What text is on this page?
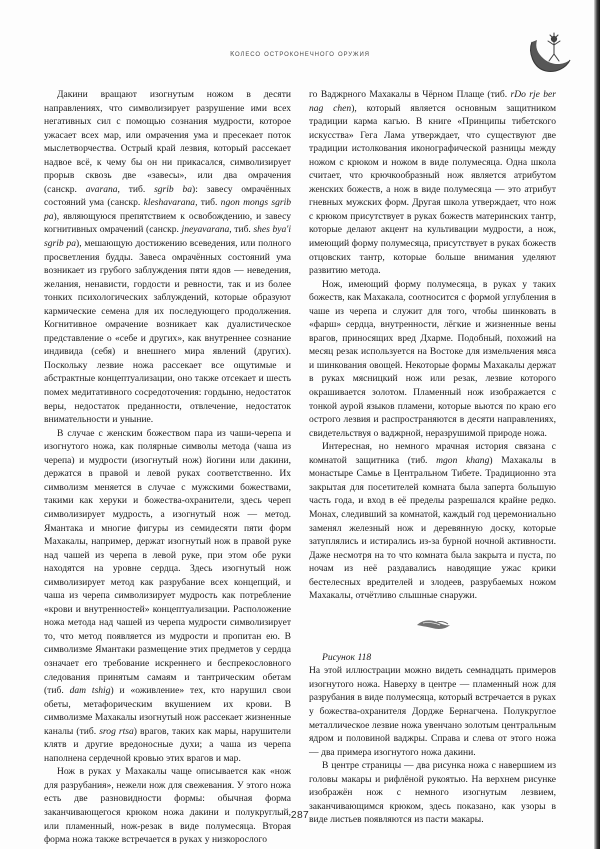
колесо остроконечного оружия

Дакини вращают изогнутым ножом в десяти направлениях, что символизирует разрушение ими всех негативных сил с помощью сознания мудрости, которое ужасает всех мар, или омрачения ума и пресекает поток мыслетворчества. Острый край лезвия, который рассекает надвое всё, к чему бы он ни прикасался, символизирует прорыв сквозь две «завесы», или два омрачения (санскр. avarana, тиб. sgrib ba): завесу омрачённых состояний ума (санскр. kleshavarana, тиб. ngon mongs sgrib pa), являющуюся препятствием к освобождению, и завесу когнитивных омрачений (санскр. jneyavarana, тиб. shes bya'i sgrib pa), мешающую достижению всеведения, или полного просветления будды. Завеса омрачённых состояний ума возникает из грубого заблуждения пяти ядов — неведения, желания, ненависти, гордости и ревности, так и из более тонких психологических заблуждений, которые образуют кармические семена для их последующего продолжения. Когнитивное омрачение возникает как дуалистическое представление о «себе и других», как внутреннее сознание индивида (себя) и внешнего мира явлений (других). Поскольку лезвие ножа рассекает все ощутимые и абстрактные концептуализации, оно также отсекает и шесть помех медитативного сосредоточения: гордыню, недостаток веры, недостаток преданности, отвлечение, недостаток внимательности и уныние.

В случае с женским божеством пара из чаши-черепа и изогнутого ножа, как полярные символы метода (чаша из черепа) и мудрости (изогнутый нож) йогини или дакини, держатся в правой и левой руках соответственно. Их символизм меняется в случае с мужскими божествами, такими как херуки и божества-охранители, здесь череп символизирует мудрость, а изогнутый нож — метод. Ямантака и многие фигуры из семидесяти пяти форм Махакалы, например, держат изогнутый нож в правой руке над чашей из черепа в левой руке, при этом обе руки находятся на уровне сердца. Здесь изогнутый нож символизирует метод как разрубание всех концепций, и чаша из черепа символизирует мудрость как потребление «крови и внутренностей» концептуализации. Расположение ножа метода над чашей из черепа мудрости символизирует то, что метод появляется из мудрости и пропитан ею. В символизме Ямантаки размещение этих предметов у сердца означает его требование искреннего и беспрекословного следования принятым самаям и тантрическим обетам (тиб. dam tshig) и «оживление» тех, кто нарушил свои обеты, метафорическим вкушением их крови. В символизме Махакалы изогнутый нож рассекает жизненные каналы (тиб. srog rtsa) врагов, таких как мары, нарушители клятв и другие вредоносные духи; а чаша из черепа наполнена сердечной кровью этих врагов и мар.

Нож в руках у Махакалы чаще описывается как «нож для разрубания», нежели нож для свежевания. У этого ножа есть две разновидности формы: обычная форма заканчивающегося крюком ножа дакини и полукруглый, или пламенный, нож-резак в виде полумесяца. Вторая форма ножа также встречается в руках у низкорослого

го Ваджрного Махакалы в Чёрном Плаще (тиб. rDo rje ber nag chen), который является основным защитником традиции карма кагью. В книге «Принципы тибетского искусства» Гега Лама утверждает, что существуют две традиции истолкования иконографической разницы между ножом с крюком и ножом в виде полумесяца. Одна школа считает, что крючкообразный нож является атрибутом женских божеств, а нож в виде полумесяца — это атрибут гневных мужских форм. Другая школа утверждает, что нож с крюком присутствует в руках божеств материнских тантр, которые делают акцент на культивации мудрости, а нож, имеющий форму полумесяца, присутствует в руках божеств отцовских тантр, которые больше внимания уделяют развитию метода.

Нож, имеющий форму полумесяца, в руках у таких божеств, как Махакала, соотносится с формой углубления в чаше из черепа и служит для того, чтобы шинковать в «фарш» сердца, внутренности, лёгкие и жизненные вены врагов, приносящих вред Дхарме. Подобный, похожий на месяц резак используется на Востоке для измельчения мяса и шинкования овощей. Некоторые формы Махакалы держат в руках мясницкий нож или резак, лезвие которого окрашивается золотом. Пламенный нож изображается с тонкой аурой языков пламени, которые вьются по краю его острого лезвия и распространяются в десяти направлениях, свидетельствуя о ваджрной, неразрушимой природе ножа.

Интересная, но немного мрачная история связана с комнатой защитника (тиб. mgon khang) Махакалы в монастыре Самье в Центральном Тибете. Традиционно эта закрытая для посетителей комната была заперта большую часть года, и вход в её пределы разрешался крайне редко. Монах, следивший за комнатой, каждый год церемониально заменял железный нож и деревянную доску, которые затуплялись и истирались из-за бурной ночной активности. Даже несмотря на то что комната была закрыта и пуста, по ночам из неё раздавались наводящие ужас крики бестелесных вредителей и злодеев, разрубаемых ножом Махакалы, отчётливо слышные снаружи.

Рисунок 118

На этой иллюстрации можно видеть семнадцать примеров изогнутого ножа. Наверху в центре — пламенный нож для разрубания в виде полумесяца, который встречается в руках у божества-охранителя Дордже Бернагчена. Полукруглое металлическое лезвие ножа увенчано золотым центральным ядром и половиной ваджры. Справа и слева от этого ножа — два примера изогнутого ножа дакини.

В центре страницы — два рисунка ножа с навершием из головы макары и рифлёной рукоятью. На верхнем рисунке изображён нож с немного изогнутым лезвием, заканчивающимся крюком, здесь показано, как узоры в виде листьев появляются из пасти макары.

287
